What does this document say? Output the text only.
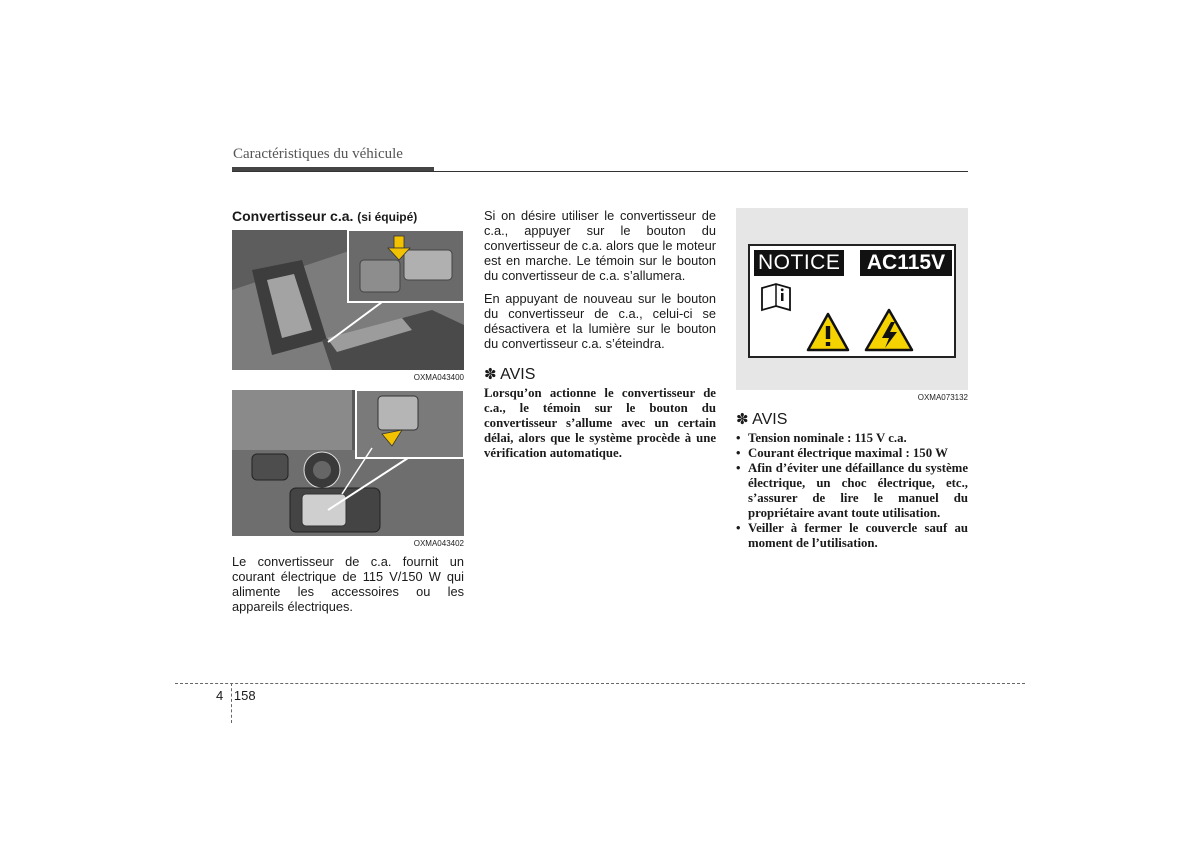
Caractéristiques du véhicule
Convertisseur c.a. (si équipé)
OXMA043400
OXMA043402

Le convertisseur de c.a. fournit un courant électrique de 115 V/150 W qui alimente les accessoires ou les appareils électriques.

Si on désire utiliser le convertisseur de c.a., appuyer sur le bouton du convertisseur de c.a. alors que le moteur est en marche. Le témoin sur le bouton du convertisseur de c.a. s’allumera.

En appuyant de nouveau sur le bouton du convertisseur de c.a., celui-ci se désactivera et la lumière sur le bouton du convertisseur c.a. s’éteindra.

✽ AVIS

Lorsqu’on actionne le convertisseur de c.a., le témoin sur le bouton du convertisseur s’allume avec un certain délai, alors que le système procède à une vérification automatique.

NOTICE	AC115V
OXMA073132
✽ AVIS
• Tension nominale : 115 V c.a.
• Courant électrique maximal : 150 W
• Afin d’éviter une défaillance du système électrique, un choc électrique, etc., s’assurer de lire le manuel du propriétaire avant toute utilisation.
• Veiller à fermer le couvercle sauf au moment de l’utilisation.
4 158
